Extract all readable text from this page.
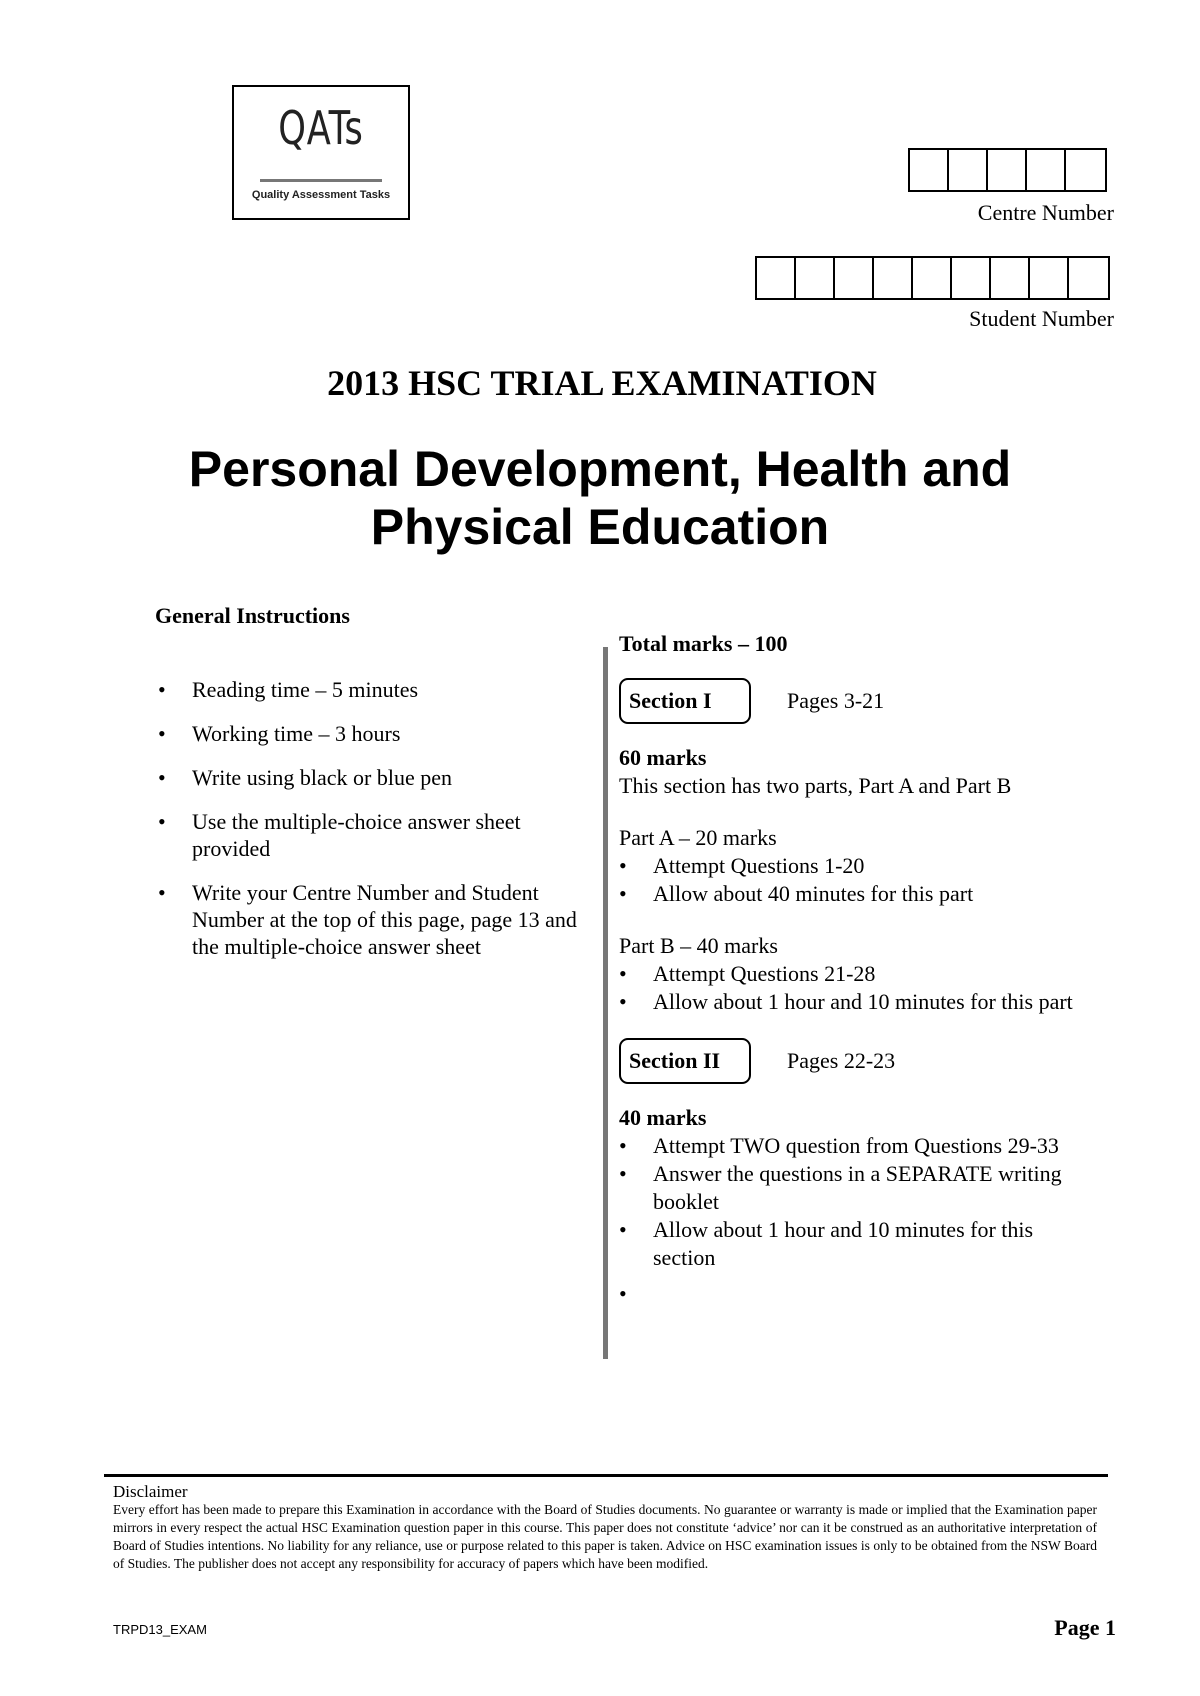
QATs
Quality Assessment Tasks
Centre Number
Student Number
2013 HSC TRIAL EXAMINATION
Personal Development, Health and
Physical Education
General Instructions
• Reading time – 5 minutes
• Working time – 3 hours
• Write using black or blue pen
• Use the multiple-choice answer sheet provided
• Write your Centre Number and Student Number at the top of this page, page 13 and the multiple-choice answer sheet
Total marks – 100
Section I	Pages 3-21
60 marks
This section has two parts, Part A and Part B
Part A – 20 marks
• Attempt Questions 1-20
• Allow about 40 minutes for this part
Part B – 40 marks
• Attempt Questions 21-28
• Allow about 1 hour and 10 minutes for this part
Section II	Pages 22-23
40 marks
• Attempt TWO question from Questions 29-33
• Answer the questions in a SEPARATE writing booklet
• Allow about 1 hour and 10 minutes for this section
•
Disclaimer
Every effort has been made to prepare this Examination in accordance with the Board of Studies documents. No guarantee or warranty is made or implied that the Examination paper mirrors in every respect the actual HSC Examination question paper in this course. This paper does not constitute ‘advice’ nor can it be construed as an authoritative interpretation of Board of Studies intentions. No liability for any reliance, use or purpose related to this paper is taken. Advice on HSC examination issues is only to be obtained from the NSW Board of Studies. The publisher does not accept any responsibility for accuracy of papers which have been modified.
TRPD13_EXAM	Page 1
